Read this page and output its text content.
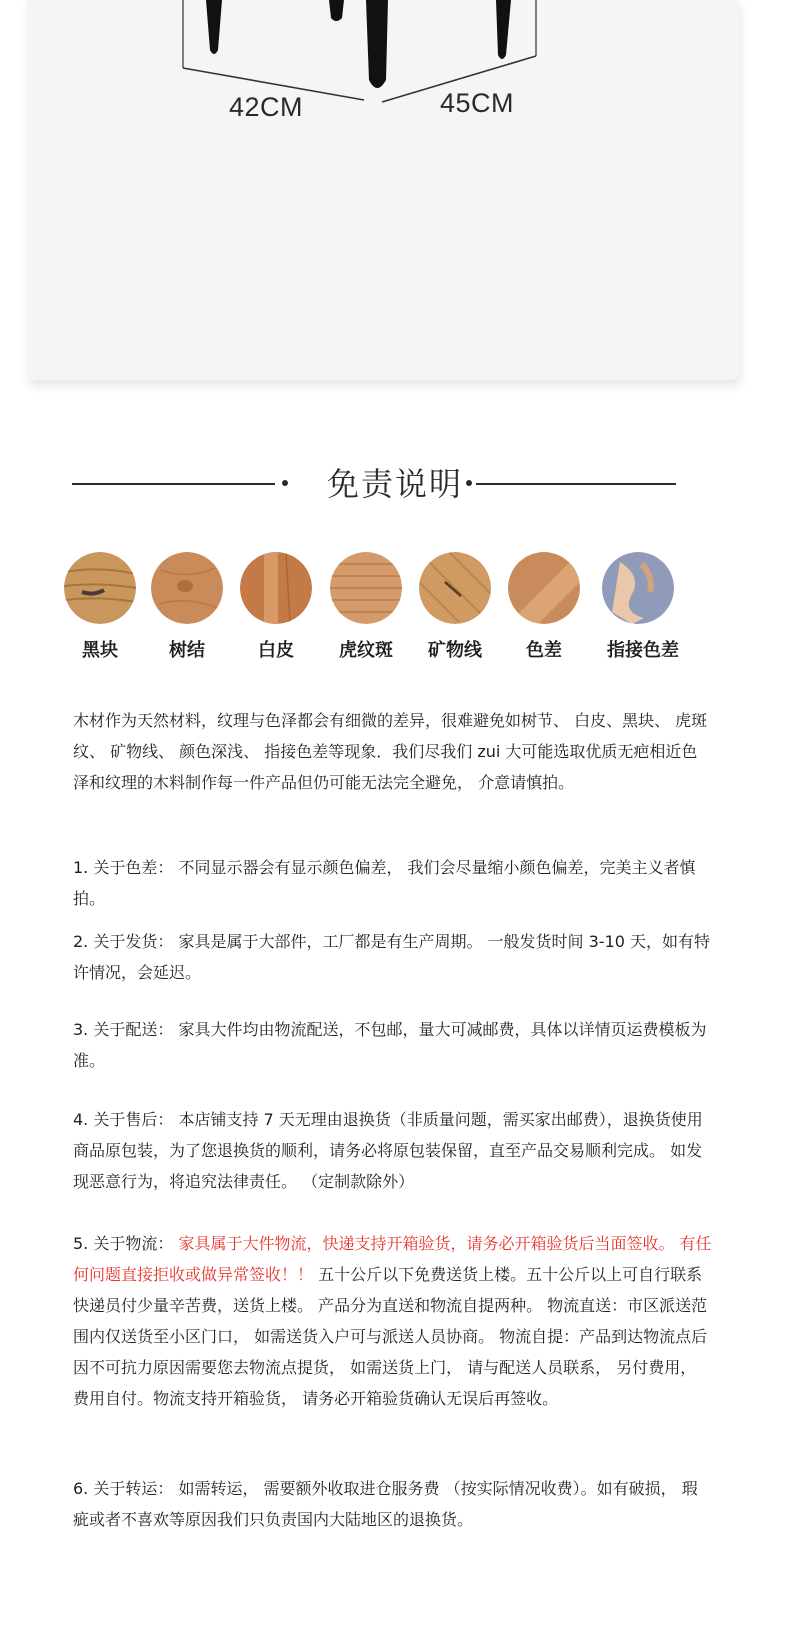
42CM	45CM
免责说明
黑块	树结	白皮	虎纹斑	矿物线	色差	指接色差

木材作为天然材料，纹理与色泽都会有细微的差异，很难避免如树节、 白皮、黑块、 虎斑纹、 矿物线、 颜色深浅、 指接色差等现象．我们尽我们 zui 大可能选取优质无疤相近色泽和纹理的木料制作每一件产品但仍可能无法完全避免， 介意请慎拍。

1. 关于色差： 不同显示器会有显示颜色偏差， 我们会尽量缩小颜色偏差，完美主义者慎拍。

2. 关于发货： 家具是属于大部件，工厂都是有生产周期。 一般发货时间 3-10 天，如有特许情况，会延迟。

3. 关于配送： 家具大件均由物流配送，不包邮，量大可减邮费，具体以详情页运费模板为准。

4. 关于售后： 本店铺支持 7 天无理由退换货（非质量问题，需买家出邮费），退换货使用商品原包装，为了您退换货的顺利，请务必将原包装保留，直至产品交易顺利完成。 如发现恶意行为，将追究法律责任。 （定制款除外）

5. 关于物流： 家具属于大件物流，快递支持开箱验货，请务必开箱验货后当面签收。 有任何问题直接拒收或做异常签收！！ 五十公斤以下免费送货上楼。五十公斤以上可自行联系快递员付少量辛苦费，送货上楼。 产品分为直送和物流自提两种。 物流直送：市区派送范围内仅送货至小区门口， 如需送货入户可与派送人员协商。 物流自提：产品到达物流点后因不可抗力原因需要您去物流点提货， 如需送货上门， 请与配送人员联系， 另付费用， 费用自付。物流支持开箱验货， 请务必开箱验货确认无误后再签收。

6. 关于转运： 如需转运， 需要额外收取进仓服务费 （按实际情况收费）。如有破损， 瑕疵或者不喜欢等原因我们只负责国内大陆地区的退换货。
